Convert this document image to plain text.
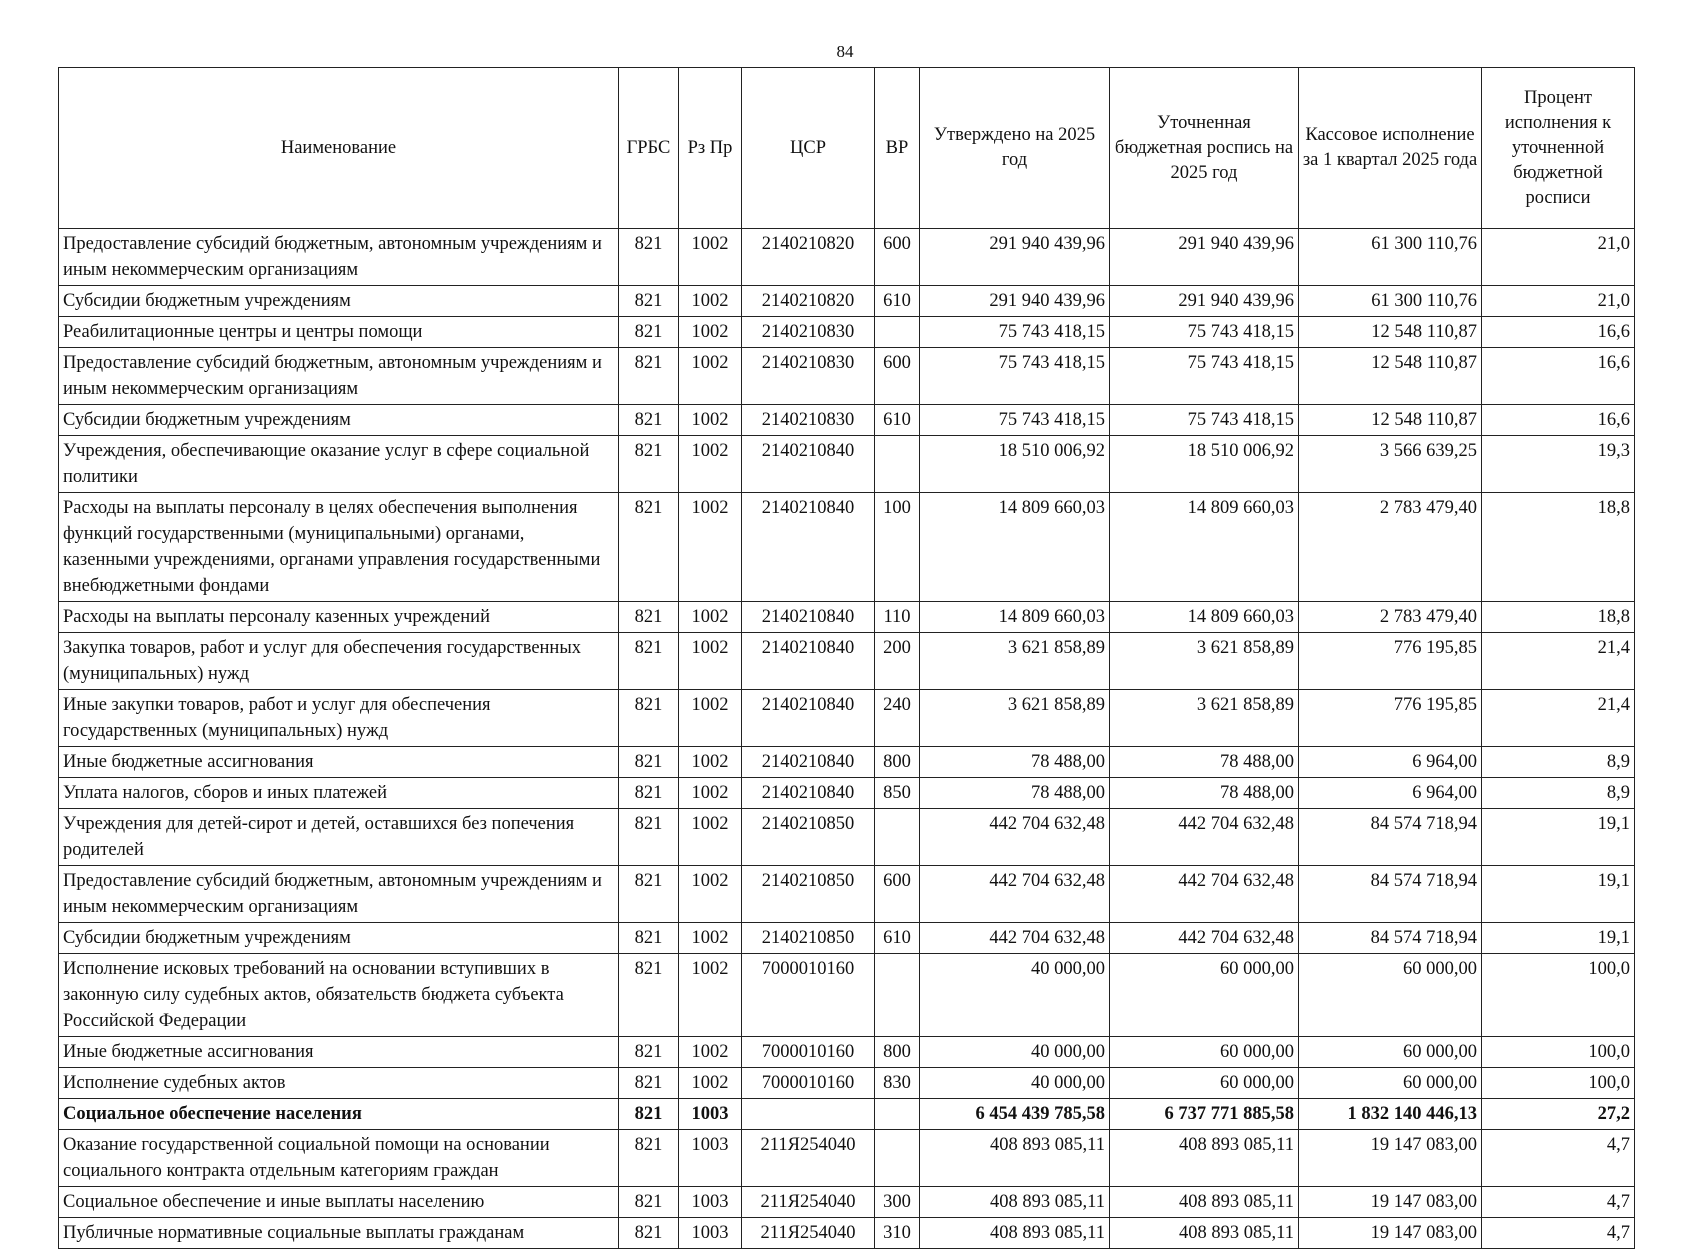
84
Наименование	ГРБС	Рз Пр	ЦСР	ВР	Утверждено на 2025 год	Уточненная бюджетная роспись на 2025 год	Кассовое исполнение за 1 квартал 2025 года	Процент исполнения к уточненной бюджетной росписи
Предоставление субсидий бюджетным, автономным учреждениям и иным некоммерческим организациям	821	1002	2140210820	600	291 940 439,96	291 940 439,96	61 300 110,76	21,0
Субсидии бюджетным учреждениям	821	1002	2140210820	610	291 940 439,96	291 940 439,96	61 300 110,76	21,0
Реабилитационные центры и центры помощи	821	1002	2140210830		75 743 418,15	75 743 418,15	12 548 110,87	16,6
Предоставление субсидий бюджетным, автономным учреждениям и иным некоммерческим организациям	821	1002	2140210830	600	75 743 418,15	75 743 418,15	12 548 110,87	16,6
Субсидии бюджетным учреждениям	821	1002	2140210830	610	75 743 418,15	75 743 418,15	12 548 110,87	16,6
Учреждения, обеспечивающие оказание услуг в сфере социальной политики	821	1002	2140210840		18 510 006,92	18 510 006,92	3 566 639,25	19,3
Расходы на выплаты персоналу в целях обеспечения выполнения функций государственными (муниципальными) органами, казенными учреждениями, органами управления государственными внебюджетными фондами	821	1002	2140210840	100	14 809 660,03	14 809 660,03	2 783 479,40	18,8
Расходы на выплаты персоналу казенных учреждений	821	1002	2140210840	110	14 809 660,03	14 809 660,03	2 783 479,40	18,8
Закупка товаров, работ и услуг для обеспечения государственных (муниципальных) нужд	821	1002	2140210840	200	3 621 858,89	3 621 858,89	776 195,85	21,4
Иные закупки товаров, работ и услуг для обеспечения государственных (муниципальных) нужд	821	1002	2140210840	240	3 621 858,89	3 621 858,89	776 195,85	21,4
Иные бюджетные ассигнования	821	1002	2140210840	800	78 488,00	78 488,00	6 964,00	8,9
Уплата налогов, сборов и иных платежей	821	1002	2140210840	850	78 488,00	78 488,00	6 964,00	8,9
Учреждения для детей-сирот и детей, оставшихся без попечения родителей	821	1002	2140210850		442 704 632,48	442 704 632,48	84 574 718,94	19,1
Предоставление субсидий бюджетным, автономным учреждениям и иным некоммерческим организациям	821	1002	2140210850	600	442 704 632,48	442 704 632,48	84 574 718,94	19,1
Субсидии бюджетным учреждениям	821	1002	2140210850	610	442 704 632,48	442 704 632,48	84 574 718,94	19,1
Исполнение исковых требований на основании вступивших в законную силу судебных актов, обязательств бюджета субъекта Российской Федерации	821	1002	7000010160		40 000,00	60 000,00	60 000,00	100,0
Иные бюджетные ассигнования	821	1002	7000010160	800	40 000,00	60 000,00	60 000,00	100,0
Исполнение судебных актов	821	1002	7000010160	830	40 000,00	60 000,00	60 000,00	100,0
Социальное обеспечение населения	821	1003			6 454 439 785,58	6 737 771 885,58	1 832 140 446,13	27,2
Оказание государственной социальной помощи на основании социального контракта отдельным категориям граждан	821	1003	211Я254040		408 893 085,11	408 893 085,11	19 147 083,00	4,7
Социальное обеспечение и иные выплаты населению	821	1003	211Я254040	300	408 893 085,11	408 893 085,11	19 147 083,00	4,7
Публичные нормативные социальные выплаты гражданам	821	1003	211Я254040	310	408 893 085,11	408 893 085,11	19 147 083,00	4,7
